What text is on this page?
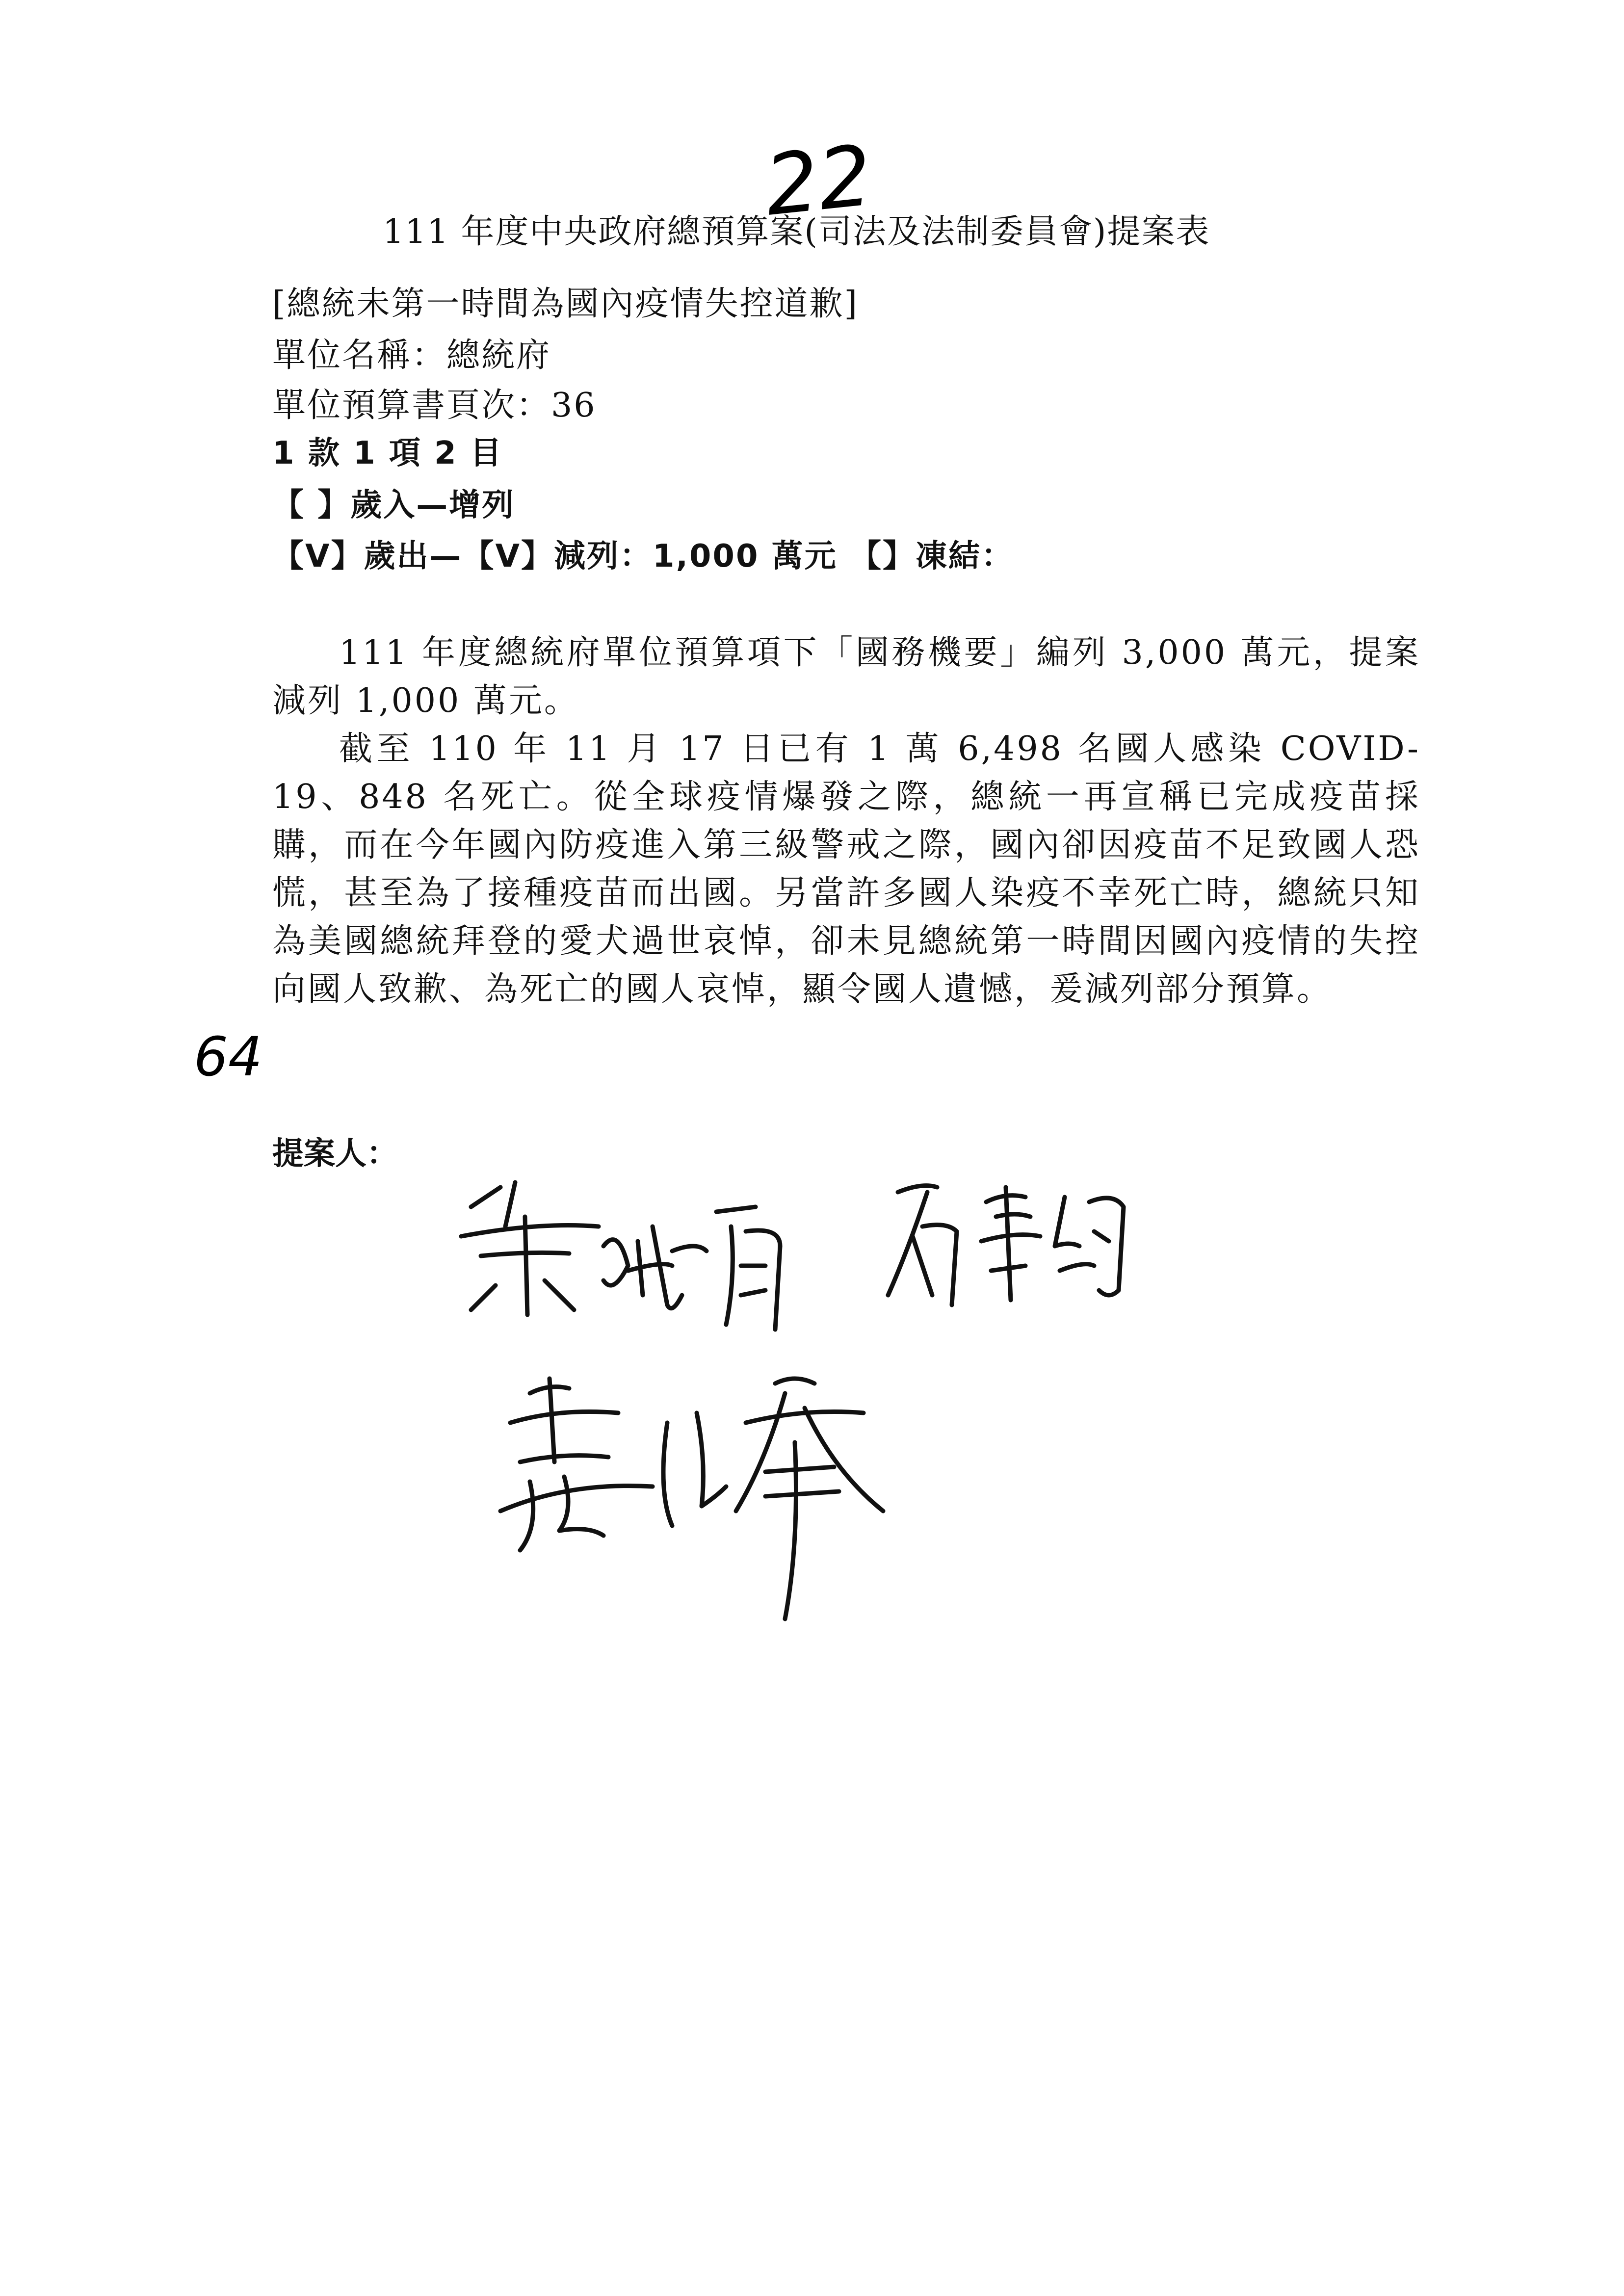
22
111 年度中央政府總預算案(司法及法制委員會)提案表
[總統未第一時間為國內疫情失控道歉]
單位名稱：總統府
單位預算書頁次：36
1 款 1 項 2 目
【 】歲入—增列
【V】歲出—【V】減列：1,000 萬元 【】凍結：
111 年度總統府單位預算項下「國務機要」編列 3,000 萬元，提案減列 1,000 萬元。
截至 110 年 11 月 17 日已有 1 萬 6,498 名國人感染 COVID-19、848 名死亡。從全球疫情爆發之際，總統一再宣稱已完成疫苗採購，而在今年國內防疫進入第三級警戒之際，國內卻因疫苗不足致國人恐慌，甚至為了接種疫苗而出國。另當許多國人染疫不幸死亡時，總統只知為美國總統拜登的愛犬過世哀悼，卻未見總統第一時間因國內疫情的失控向國人致歉、為死亡的國人哀悼，顯令國人遺憾，爰減列部分預算。
64
提案人：
